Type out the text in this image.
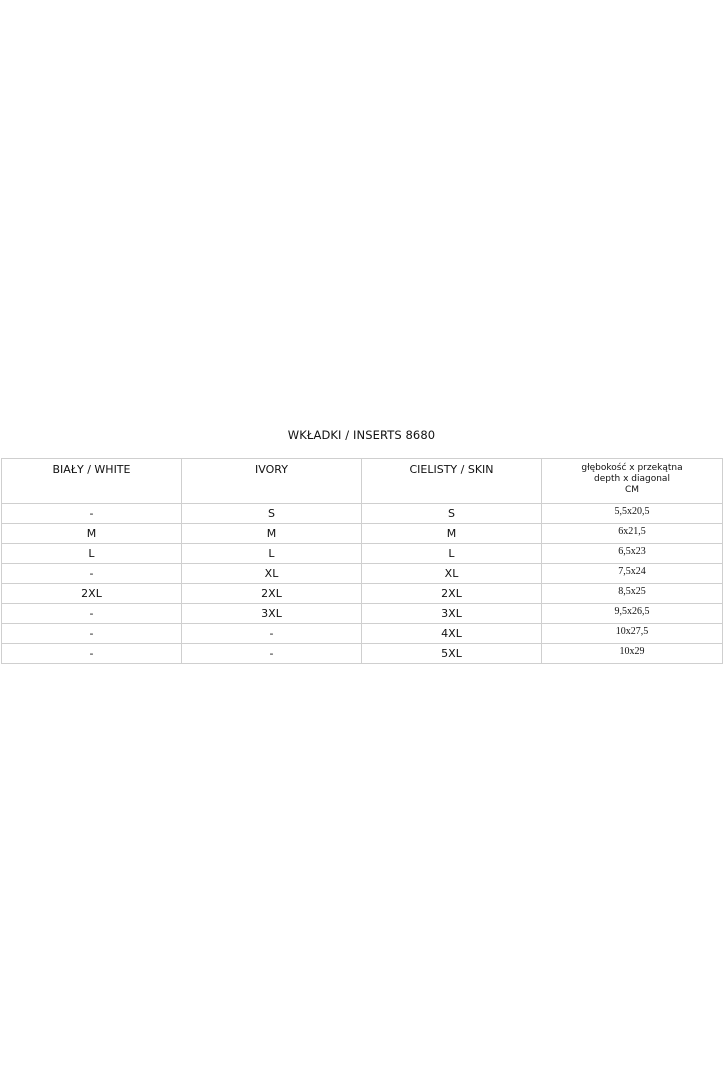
WKŁADKI / INSERTS 8680
BIAŁY / WHITE	IVORY	CIELISTY / SKIN	głębokość x przekątna
depth x diagonal
CM

-	S	S	5,5x20,5
M	M	M	6x21,5
L	L	L	6,5x23
-	XL	XL	7,5x24
2XL	2XL	2XL	8,5x25
-	3XL	3XL	9,5x26,5
-	-	4XL	10x27,5
-	-	5XL	10x29
